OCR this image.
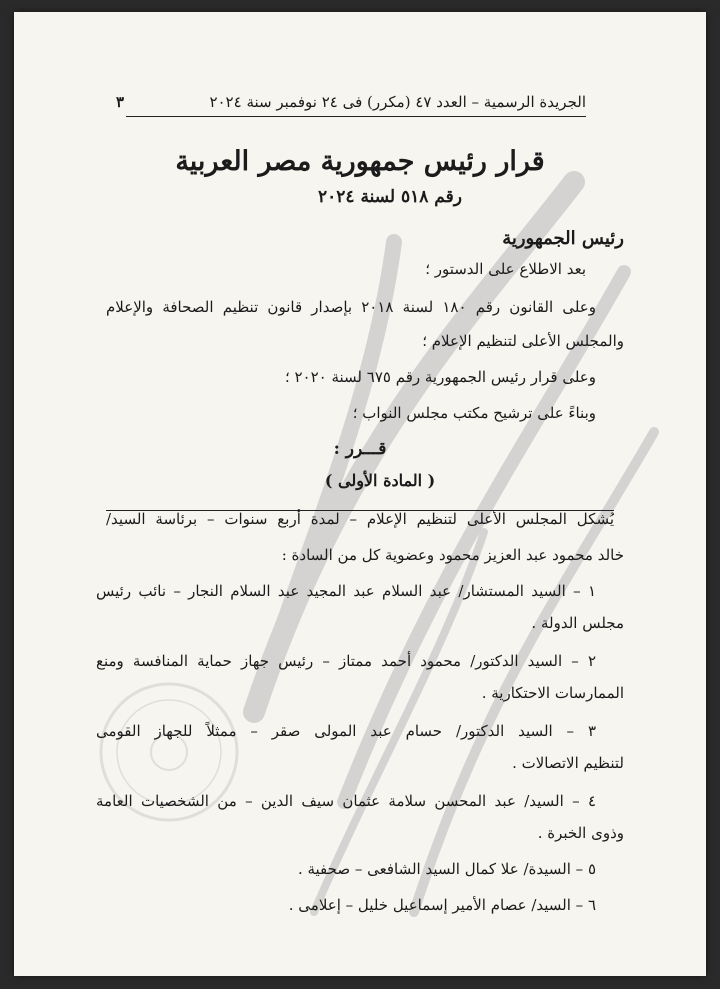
الجريدة الرسمية – العدد ٤٧ (مكرر) فى ٢٤ نوفمبر سنة ٢٠٢٤
٣
قرار رئيس جمهورية مصر العربية
رقم ٥١٨ لسنة ٢٠٢٤
رئيس الجمهورية
بعد الاطلاع على الدستور ؛
وعلى القانون رقم ١٨٠ لسنة ٢٠١٨ بإصدار قانون تنظيم الصحافة والإعلام
والمجلس الأعلى لتنظيم الإعلام ؛
وعلى قرار رئيس الجمهورية رقم ٦٧٥ لسنة ٢٠٢٠ ؛
وبناءً على ترشيح مكتب مجلس النواب ؛
قـــرر :
( المادة الأولى )
يُشكل المجلس الأعلى لتنظيم الإعلام – لمدة أربع سنوات – برئاسة السيد/
خالد محمود عبد العزيز محمود وعضوية كل من السادة :
١ – السيد المستشار/ عبد السلام عبد المجيد عبد السلام النجار – نائب رئيس
مجلس الدولة .
٢ – السيد الدكتور/ محمود أحمد ممتاز – رئيس جهاز حماية المنافسة ومنع
الممارسات الاحتكارية .
٣ – السيد الدكتور/ حسام عبد المولى صقر – ممثلاً للجهاز القومى
لتنظيم الاتصالات .
٤ – السيد/ عبد المحسن سلامة عثمان سيف الدين – من الشخصيات العامة
وذوى الخبرة .
٥ – السيدة/ علا كمال السيد الشافعى – صحفية .
٦ – السيد/ عصام الأمير إسماعيل خليل – إعلامى .
